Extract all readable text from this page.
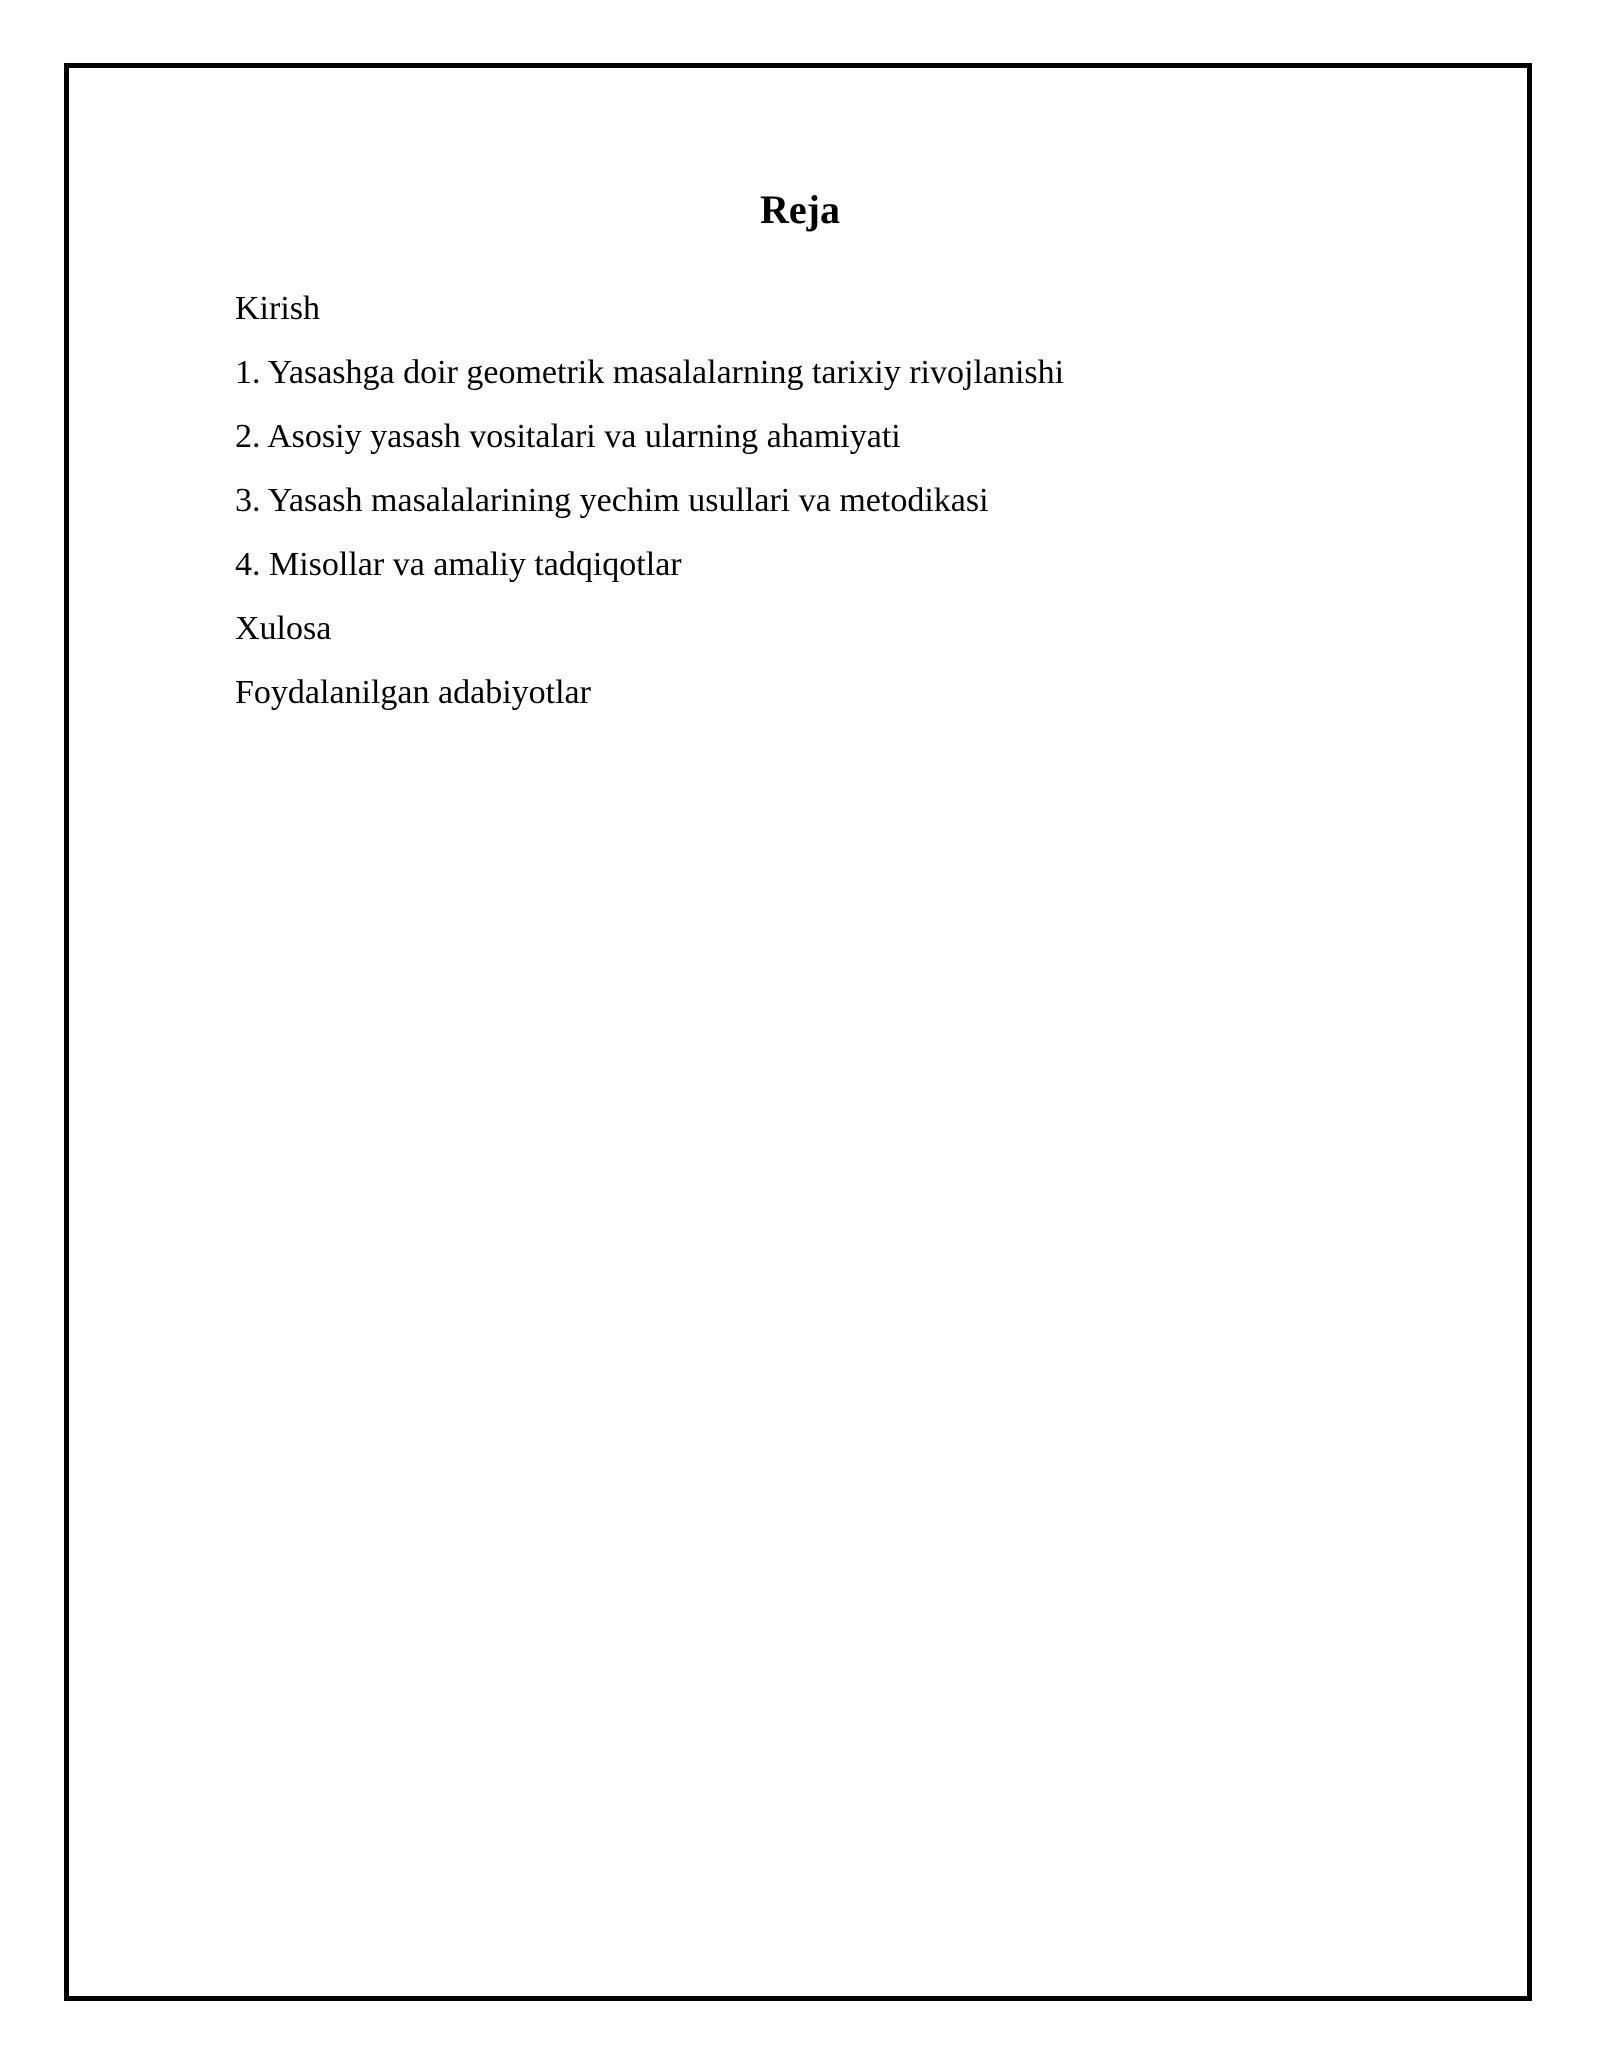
Reja
Kirish
1. Yasashga doir geometrik masalalarning tarixiy rivojlanishi
2. Asosiy yasash vositalari va ularning ahamiyati
3. Yasash masalalarining yechim usullari va metodikasi
4. Misollar va amaliy tadqiqotlar
Xulosa
Foydalanilgan adabiyotlar
